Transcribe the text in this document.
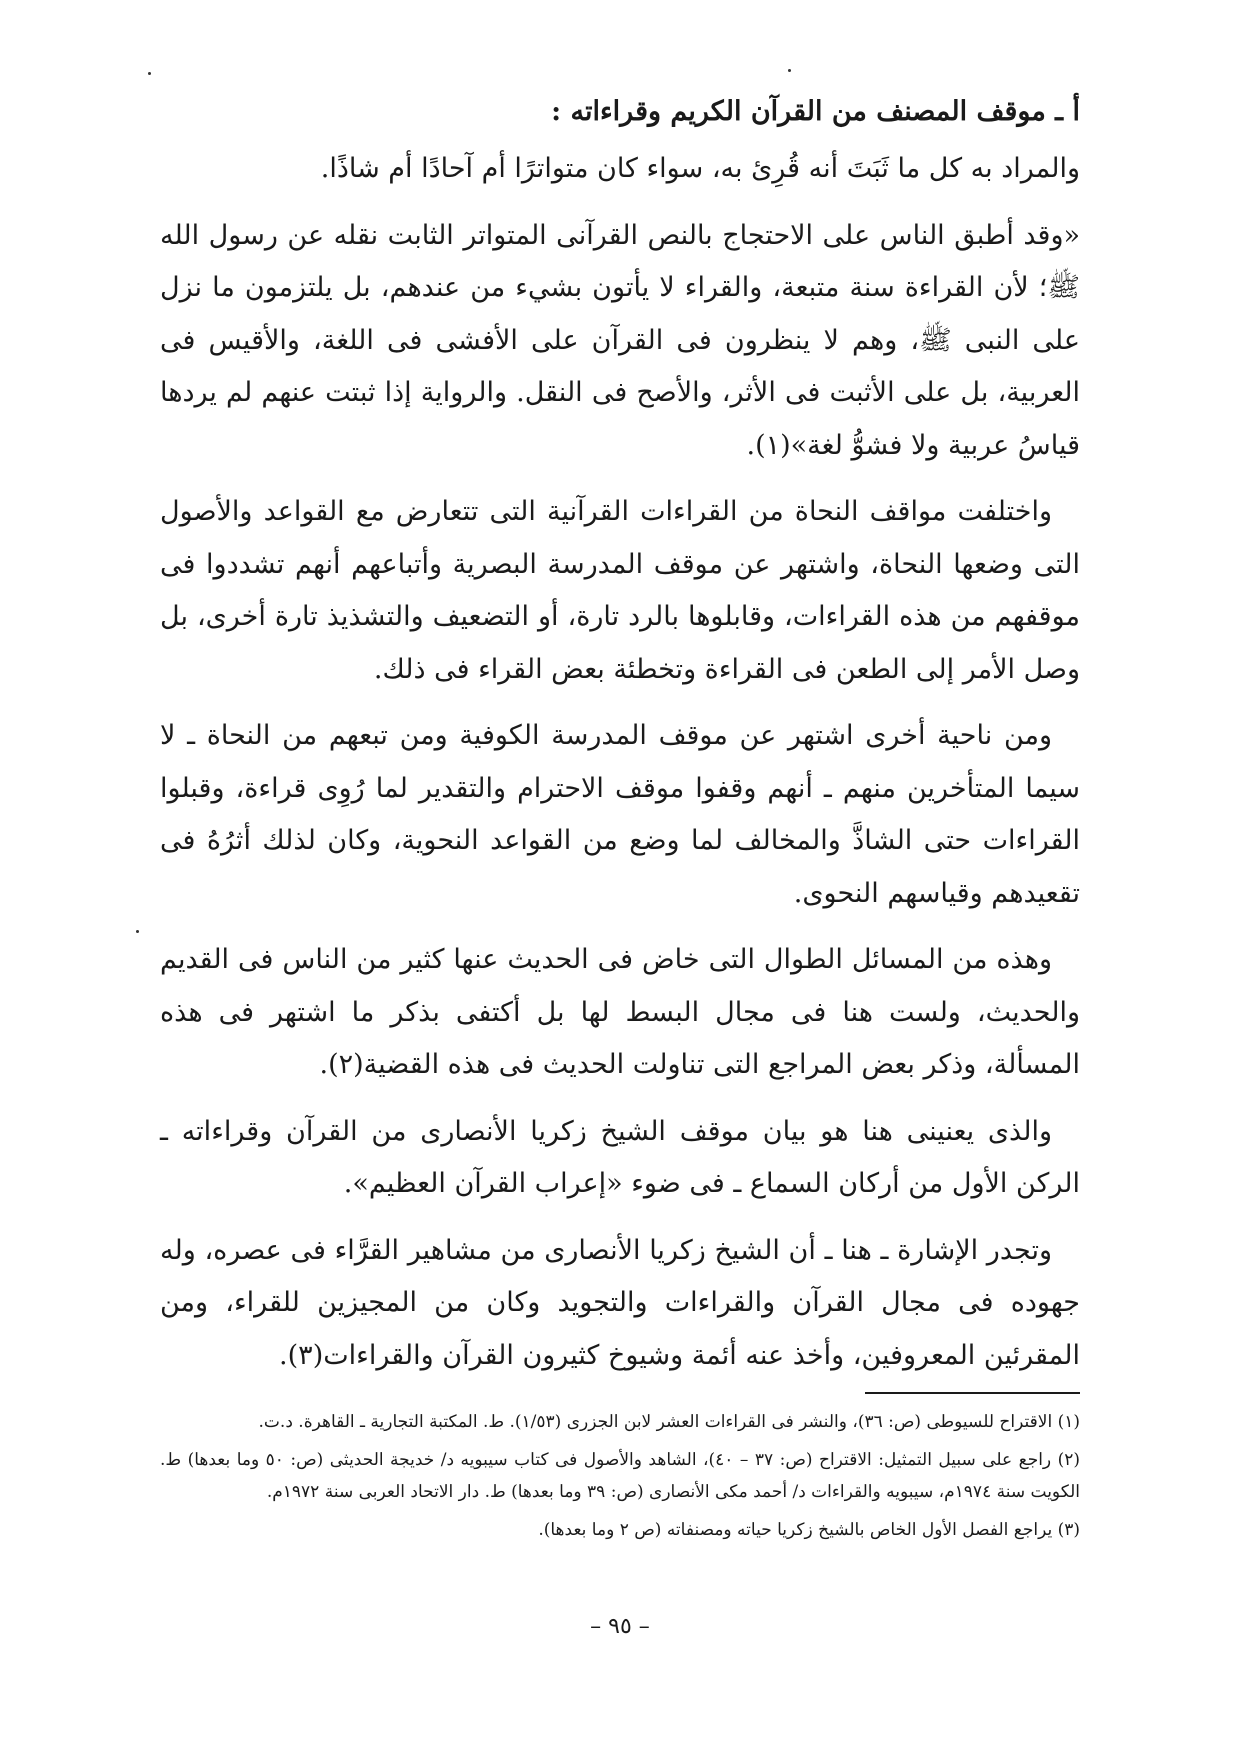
أ ـ موقف المصنف من القرآن الكريم وقراءاته :

والمراد به كل ما ثَبَتَ أنه قُرِئ به، سواء كان متواترًا أم آحادًا أم شاذًا.

«وقد أطبق الناس على الاحتجاج بالنص القرآنى المتواتر الثابت نقله عن رسول الله ﷺ؛ لأن القراءة سنة متبعة، والقراء لا يأتون بشيء من عندهم، بل يلتزمون ما نزل على النبى ﷺ، وهم لا ينظرون فى القرآن على الأفشى فى اللغة، والأقيس فى العربية، بل على الأثبت فى الأثر، والأصح فى النقل. والرواية إذا ثبتت عنهم لم يردها قياسُ عربية ولا فشوُّ لغة»(١).

واختلفت مواقف النحاة من القراءات القرآنية التى تتعارض مع القواعد والأصول التى وضعها النحاة، واشتهر عن موقف المدرسة البصرية وأتباعهم أنهم تشددوا فى موقفهم من هذه القراءات، وقابلوها بالرد تارة، أو التضعيف والتشذيذ تارة أخرى، بل وصل الأمر إلى الطعن فى القراءة وتخطئة بعض القراء فى ذلك.

ومن ناحية أخرى اشتهر عن موقف المدرسة الكوفية ومن تبعهم من النحاة ـ لا سيما المتأخرين منهم ـ أنهم وقفوا موقف الاحترام والتقدير لما رُوِى قراءة، وقبلوا القراءات حتى الشاذَّ والمخالف لما وضع من القواعد النحوية، وكان لذلك أثرُهُ فى تقعيدهم وقياسهم النحوى.

وهذه من المسائل الطوال التى خاض فى الحديث عنها كثير من الناس فى القديم والحديث، ولست هنا فى مجال البسط لها بل أكتفى بذكر ما اشتهر فى هذه المسألة، وذكر بعض المراجع التى تناولت الحديث فى هذه القضية(٢).

والذى يعنينى هنا هو بيان موقف الشيخ زكريا الأنصارى من القرآن وقراءاته ـ الركن الأول من أركان السماع ـ فى ضوء «إعراب القرآن العظيم».

وتجدر الإشارة ـ هنا ـ أن الشيخ زكريا الأنصارى من مشاهير القرَّاء فى عصره، وله جهوده فى مجال القرآن والقراءات والتجويد وكان من المجيزين للقراء، ومن المقرئين المعروفين، وأخذ عنه أئمة وشيوخ كثيرون القرآن والقراءات(٣).

(١) الاقتراح للسيوطى (ص: ٣٦)، والنشر فى القراءات العشر لابن الجزرى (١/٥٣). ط. المكتبة التجارية ـ القاهرة. د.ت.

(٢) راجع على سبيل التمثيل: الاقتراح (ص: ٣٧ – ٤٠)، الشاهد والأصول فى كتاب سيبويه د/ خديجة الحديثى (ص: ٥٠ وما بعدها) ط. الكويت سنة ١٩٧٤م، سيبويه والقراءات د/ أحمد مكى الأنصارى (ص: ٣٩ وما بعدها) ط. دار الاتحاد العربى سنة ١٩٧٢م.

(٣) يراجع الفصل الأول الخاص بالشيخ زكريا حياته ومصنفاته (ص ٢ وما بعدها).

– ٩٥ –
